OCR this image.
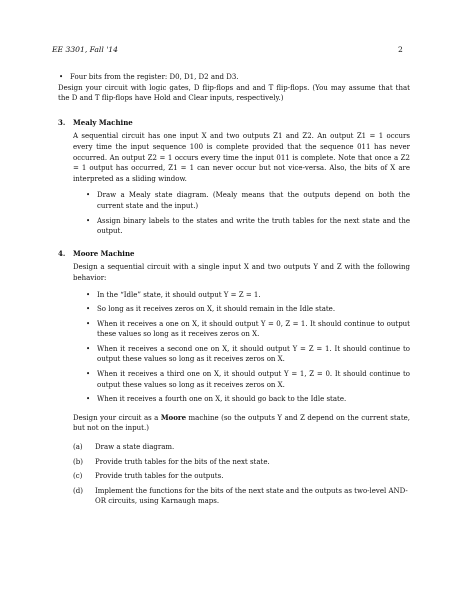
EE 3301, Fall '14	2
• Four bits from the register: D0, D1, D2 and D3.

Design your circuit with logic gates, D flip-flops and and T flip-flops. (You may assume that that the D and T flip-flops have Hold and Clear inputs, respectively.)

3.	Mealy Machine

A sequential circuit has one input X and two outputs Z1 and Z2. An output Z1 = 1 occurs every time the input sequence 100 is complete provided that the sequence 011 has never occurred. An output Z2 = 1 occurs every time the input 011 is complete. Note that once a Z2 = 1 output has occurred, Z1 = 1 can never occur but not vice-versa. Also, the bits of X are interpreted as a sliding window.

• Draw a Mealy state diagram. (Mealy means that the outputs depend on both the current state and the input.)
• Assign binary labels to the states and write the truth tables for the next state and the output.
4.	Moore Machine

Design a sequential circuit with a single input X and two outputs Y and Z with the following behavior:

• In the “Idle” state, it should output Y = Z = 1.
• So long as it receives zeros on X, it should remain in the Idle state.
• When it receives a one on X, it should output Y = 0, Z = 1. It should continue to output these values so long as it receives zeros on X.
• When it receives a second one on X, it should output Y = Z = 1. It should continue to output these values so long as it receives zeros on X.
• When it receives a third one on X, it should output Y = 1, Z = 0. It should continue to output these values so long as it receives zeros on X.
• When it receives a fourth one on X, it should go back to the Idle state.

Design your circuit as a Moore machine (so the outputs Y and Z depend on the current state, but not on the input.)

(a)	Draw a state diagram.
(b)	Provide truth tables for the bits of the next state.
(c)	Provide truth tables for the outputs.
(d)	Implement the functions for the bits of the next state and the outputs as two-level AND-OR circuits, using Karnaugh maps.
